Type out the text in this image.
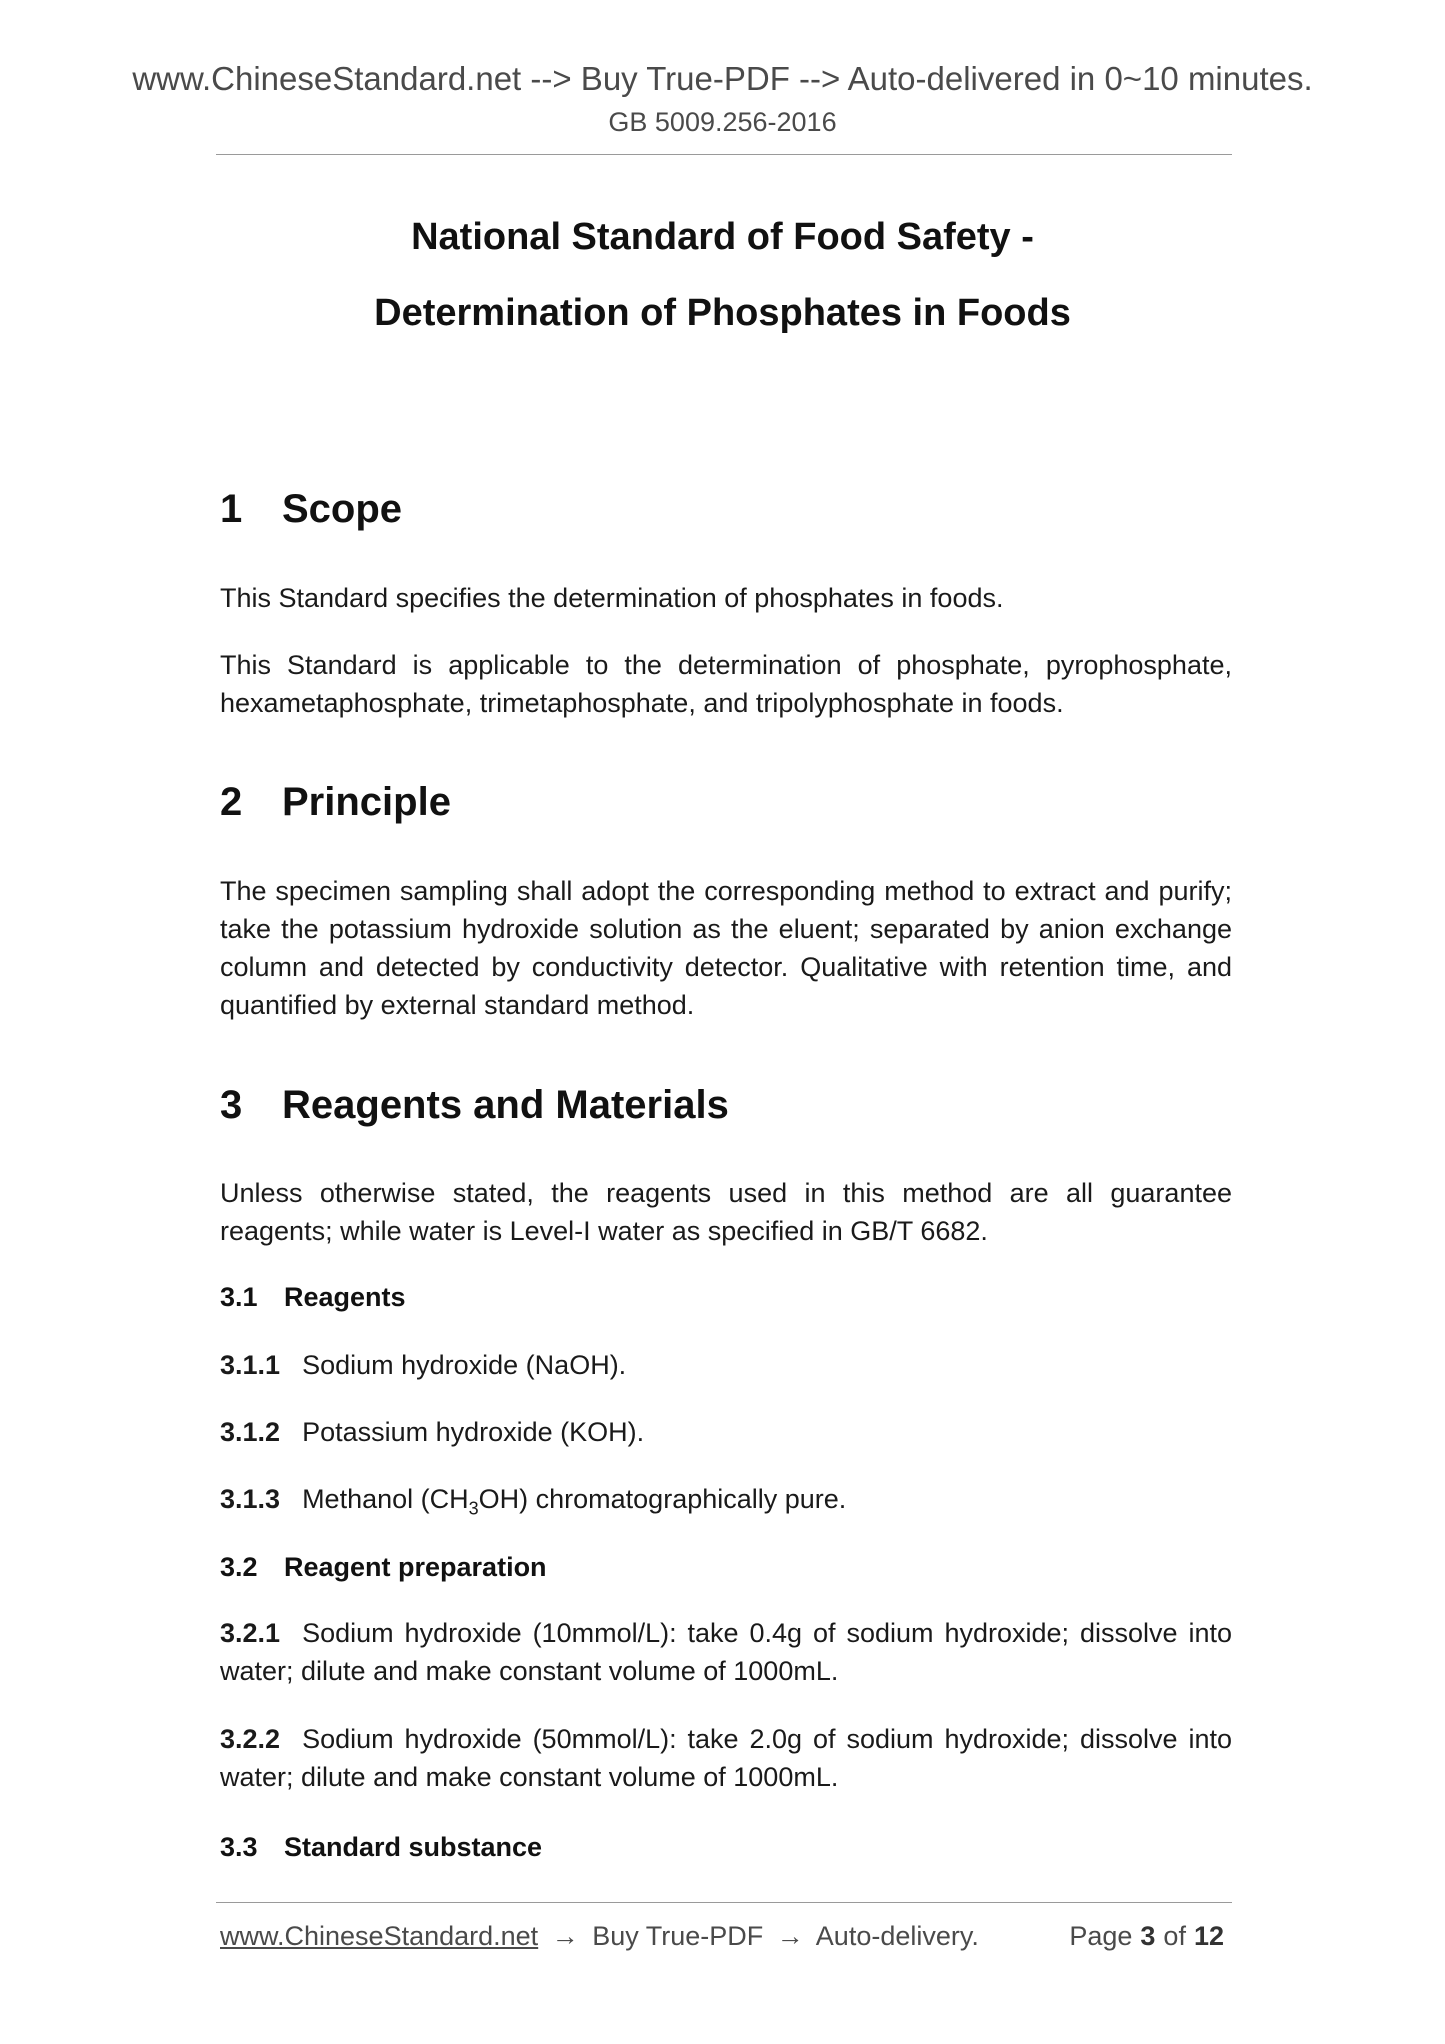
www.ChineseStandard.net --> Buy True-PDF --> Auto-delivered in 0~10 minutes.
GB 5009.256-2016
National Standard of Food Safety -
Determination of Phosphates in Foods
1 Scope
This Standard specifies the determination of phosphates in foods.
This Standard is applicable to the determination of phosphate, pyrophosphate, hexametaphosphate, trimetaphosphate, and tripolyphosphate in foods.
2 Principle
The specimen sampling shall adopt the corresponding method to extract and purify; take the potassium hydroxide solution as the eluent; separated by anion exchange column and detected by conductivity detector. Qualitative with retention time, and quantified by external standard method.
3 Reagents and Materials
Unless otherwise stated, the reagents used in this method are all guarantee reagents; while water is Level-I water as specified in GB/T 6682.
3.1 Reagents
3.1.1 Sodium hydroxide (NaOH).
3.1.2 Potassium hydroxide (KOH).
3.1.3 Methanol $(CH_3OH)$ chromatographically pure.
3.2 Reagent preparation
3.2.1 Sodium hydroxide (10mmol/L): take 0.4g of sodium hydroxide; dissolve into water; dilute and make constant volume of 1000mL.
3.2.2 Sodium hydroxide (50mmol/L): take 2.0g of sodium hydroxide; dissolve into water; dilute and make constant volume of 1000mL.
3.3 Standard substance
www.ChineseStandard.net → Buy True-PDF → Auto-delivery.	Page 3 of 12
